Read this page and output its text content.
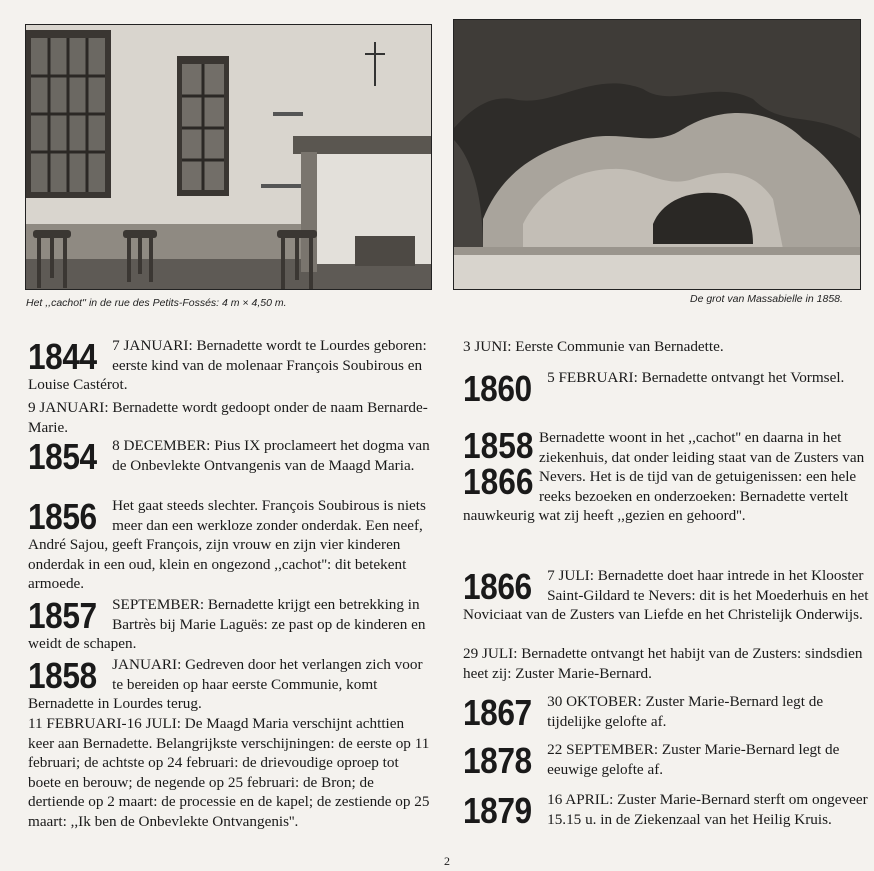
Het ,,cachot'' in de rue des Petits-Fossés: 4 m × 4,50 m.	De grot van Massabielle in 1858.
1844 7 JANUARI: Bernadette wordt te Lourdes geboren: eerste kind van de molenaar François Soubirous en Louise Castérot.
9 JANUARI: Bernadette wordt gedoopt onder de naam Bernarde-Marie.
1854 8 DECEMBER: Pius IX proclameert het dogma van de Onbevlekte Ontvangenis van de Maagd Maria.
1856 Het gaat steeds slechter. François Soubirous is niets meer dan een werkloze zonder onderdak. Een neef, André Sajou, geeft François, zijn vrouw en zijn vier kinderen onderdak in een oud, klein en ongezond ,,cachot'': dit betekent armoede.
1857 SEPTEMBER: Bernadette krijgt een betrekking in Bartrès bij Marie Laguës: ze past op de kinderen en weidt de schapen.
1858 JANUARI: Gedreven door het verlangen zich voor te bereiden op haar eerste Communie, komt Bernadette in Lourdes terug.
11 FEBRUARI-16 JULI: De Maagd Maria verschijnt achttien keer aan Bernadette. Belangrijkste verschijningen: de eerste op 11 februari; de achtste op 24 februari: de drievoudige oproep tot boete en berouw; de negende op 25 februari: de Bron; de dertiende op 2 maart: de processie en de kapel; de zestiende op 25 maart: ,,Ik ben de Onbevlekte Ontvangenis''.
3 JUNI: Eerste Communie van Bernadette.
1860 5 FEBRUARI: Bernadette ontvangt het Vormsel.
1858
1866
Bernadette woont in het ,,cachot'' en daarna in het ziekenhuis, dat onder leiding staat van de Zusters van Nevers. Het is de tijd van de getuigenissen: een hele reeks bezoeken en onderzoeken: Bernadette vertelt nauwkeurig wat zij heeft ,,gezien en gehoord''.
1866 7 JULI: Bernadette doet haar intrede in het Klooster Saint-Gildard te Nevers: dit is het Moederhuis en het Noviciaat van de Zusters van Liefde en het Christelijk Onderwijs.
29 JULI: Bernadette ontvangt het habijt van de Zusters: sindsdien heet zij: Zuster Marie-Bernard.
1867 30 OKTOBER: Zuster Marie-Bernard legt de tijdelijke gelofte af.
1878 22 SEPTEMBER: Zuster Marie-Bernard legt de eeuwige gelofte af.
1879 16 APRIL: Zuster Marie-Bernard sterft om ongeveer 15.15 u. in de Ziekenzaal van het Heilig Kruis.
2
